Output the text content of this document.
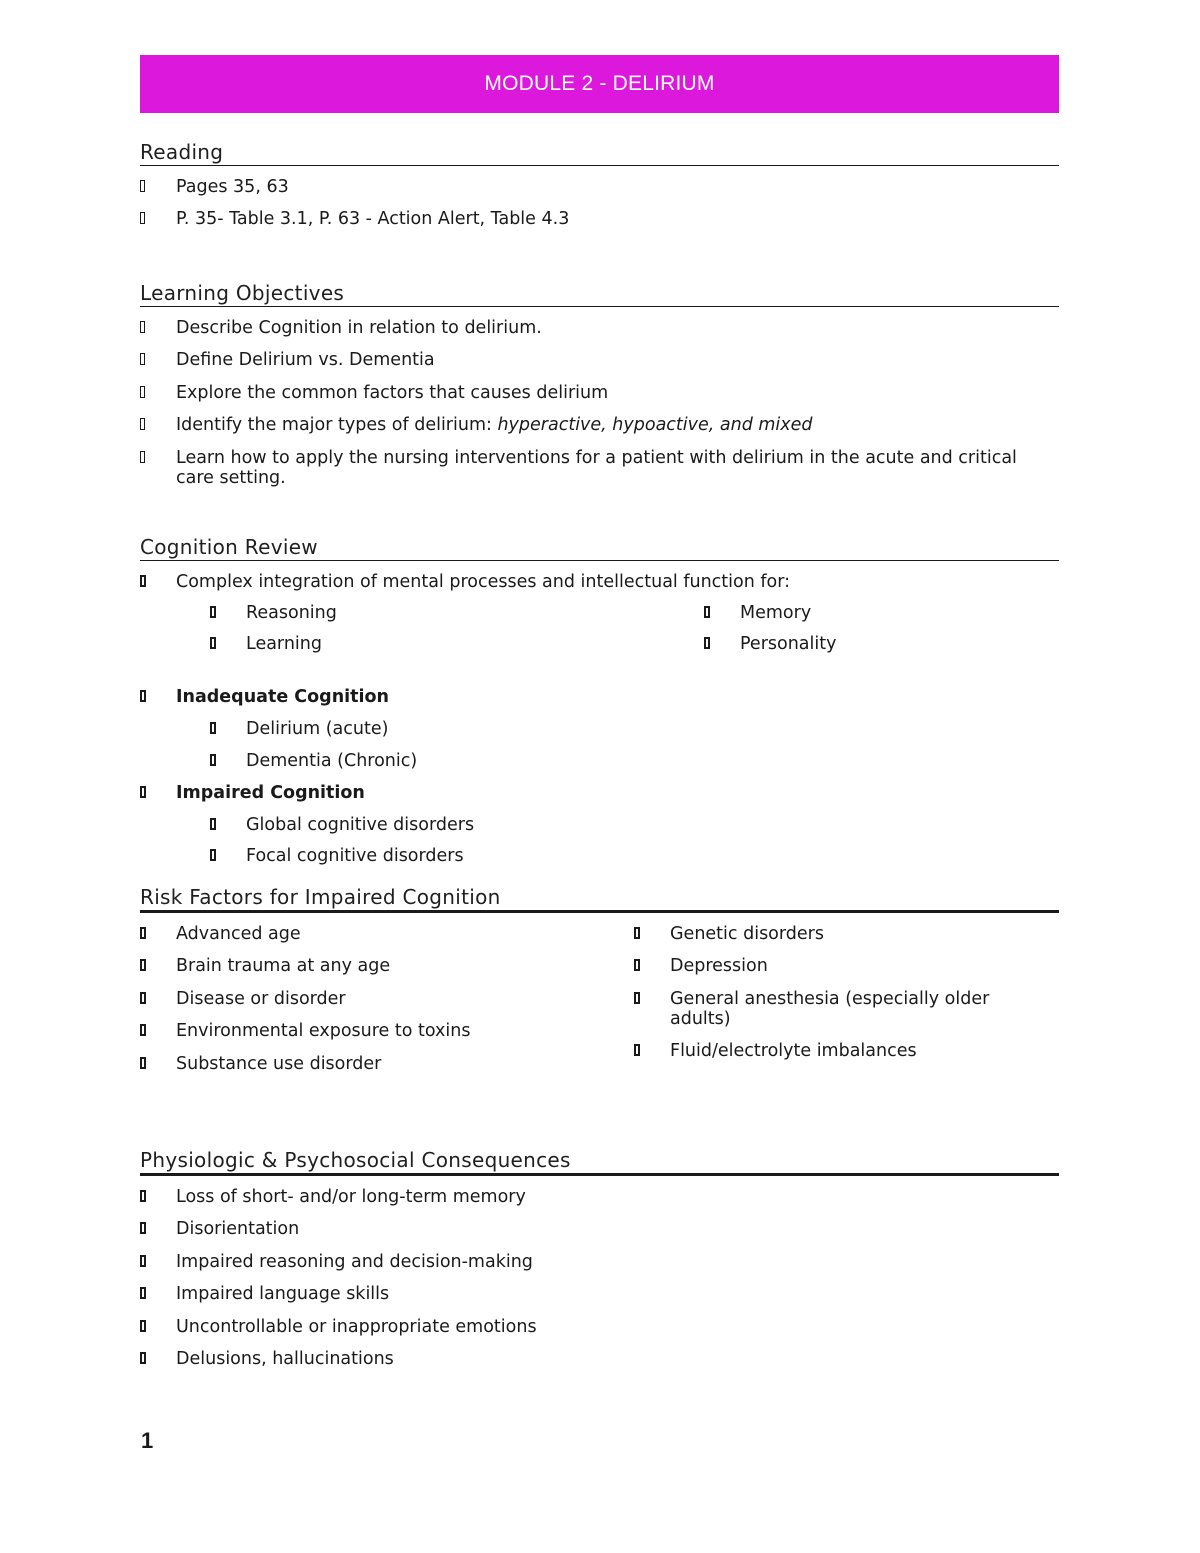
MODULE 2 - DELIRIUM
Reading
Pages 35, 63
P. 35- Table 3.1, P. 63 - Action Alert, Table 4.3
Learning Objectives
Describe Cognition in relation to delirium.
Define Delirium vs. Dementia
Explore the common factors that causes delirium
Identify the major types of delirium: hyperactive, hypoactive, and mixed
Learn how to apply the nursing interventions for a patient with delirium in the acute and critical care setting.
Cognition Review
Complex integration of mental processes and intellectual function for:
Reasoning
Learning
Memory
Personality
Inadequate Cognition
Delirium (acute)
Dementia (Chronic)
Impaired Cognition
Global cognitive disorders
Focal cognitive disorders
Risk Factors for Impaired Cognition
Advanced age
Brain trauma at any age
Disease or disorder
Environmental exposure to toxins
Substance use disorder
Genetic disorders
Depression
General anesthesia (especially older adults)
Fluid/electrolyte imbalances
Physiologic & Psychosocial Consequences
Loss of short- and/or long-term memory
Disorientation
Impaired reasoning and decision-making
Impaired language skills
Uncontrollable or inappropriate emotions
Delusions, hallucinations
1
